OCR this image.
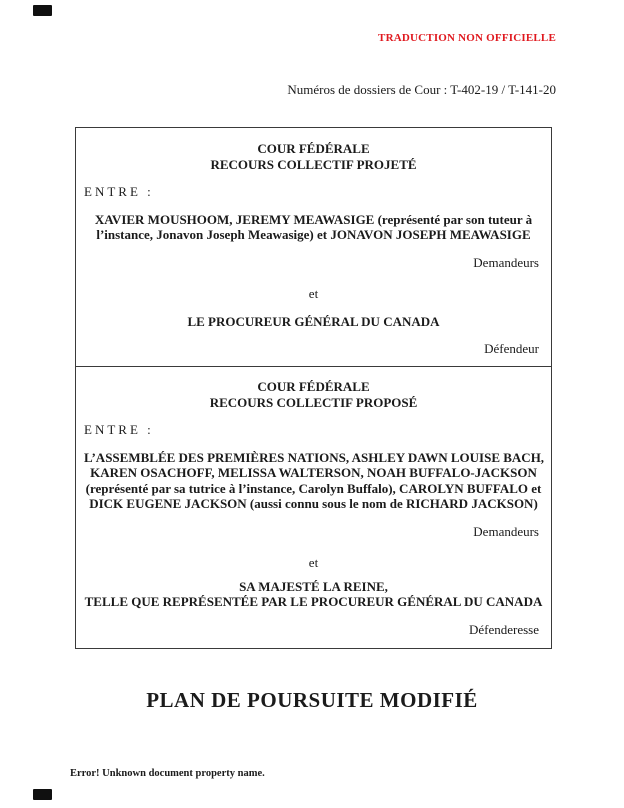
TRADUCTION NON OFFICIELLE
Numéros de dossiers de Cour : T-402-19 / T-141-20
COUR FÉDÉRALE
RECOURS COLLECTIF PROJETÉ
ENTRE :
XAVIER MOUSHOOM, JEREMY MEAWASIGE (représenté par son tuteur à
l’instance, Jonavon Joseph Meawasige) et JONAVON JOSEPH MEAWASIGE
Demandeurs
et
LE PROCUREUR GÉNÉRAL DU CANADA
Défendeur
COUR FÉDÉRALE
RECOURS COLLECTIF PROPOSÉ
ENTRE :
L’ASSEMBLÉE DES PREMIÈRES NATIONS, ASHLEY DAWN LOUISE BACH,
KAREN OSACHOFF, MELISSA WALTERSON, NOAH BUFFALO-JACKSON
(représenté par sa tutrice à l’instance, Carolyn Buffalo), CAROLYN BUFFALO et
DICK EUGENE JACKSON (aussi connu sous le nom de RICHARD JACKSON)
Demandeurs
et
SA MAJESTÉ LA REINE,
TELLE QUE REPRÉSENTÉE PAR LE PROCUREUR GÉNÉRAL DU CANADA
Défenderesse
PLAN DE POURSUITE MODIFIÉ
Error! Unknown document property name.
